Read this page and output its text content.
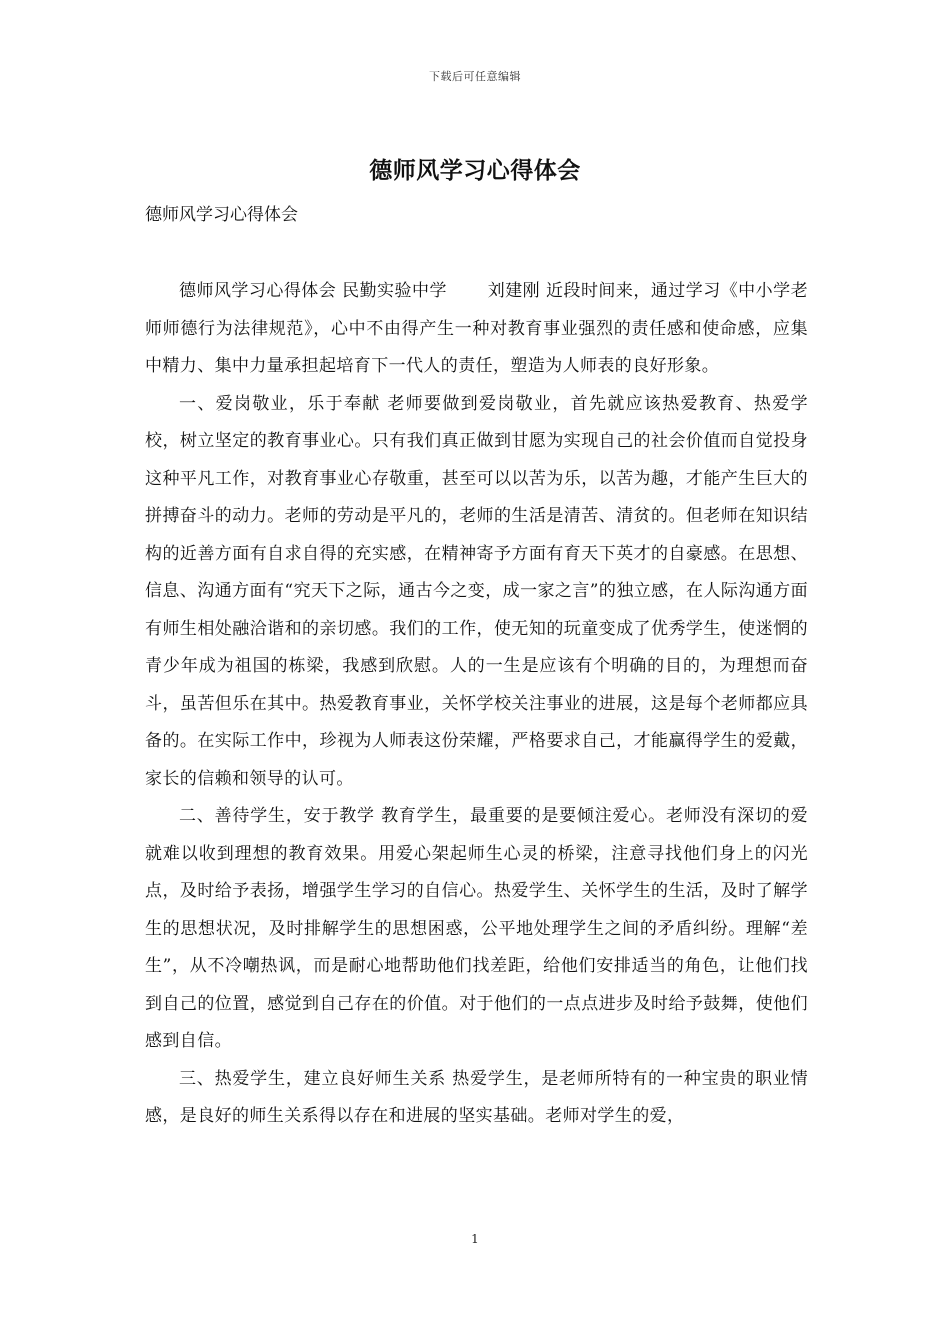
下载后可任意编辑
德师风学习心得体会

德师风学习心得体会

德师风学习心得体会 民勤实验中学 　　刘建刚 近段时间来，通过学习《中小学老师师德行为法律规范》，心中不由得产生一种对教育事业强烈的责任感和使命感，应集中精力、集中力量承担起培育下一代人的责任，塑造为人师表的良好形象。

一、爱岗敬业，乐于奉献 老师要做到爱岗敬业，首先就应该热爱教育、热爱学校，树立坚定的教育事业心。只有我们真正做到甘愿为实现自己的社会价值而自觉投身这种平凡工作，对教育事业心存敬重，甚至可以以苦为乐，以苦为趣，才能产生巨大的拼搏奋斗的动力。老师的劳动是平凡的，老师的生活是清苦、清贫的。但老师在知识结构的近善方面有自求自得的充实感，在精神寄予方面有育天下英才的自豪感。在思想、信息、沟通方面有“究天下之际，通古今之变，成一家之言”的独立感，在人际沟通方面有师生相处融洽谐和的亲切感。我们的工作，使无知的玩童变成了优秀学生，使迷惘的青少年成为祖国的栋梁，我感到欣慰。人的一生是应该有个明确的目的，为理想而奋斗，虽苦但乐在其中。热爱教育事业，关怀学校关注事业的进展，这是每个老师都应具备的。在实际工作中，珍视为人师表这份荣耀，严格要求自己，才能赢得学生的爱戴，家长的信赖和领导的认可。

二、善待学生，安于教学 教育学生，最重要的是要倾注爱心。老师没有深切的爱就难以收到理想的教育效果。用爱心架起师生心灵的桥梁，注意寻找他们身上的闪光点，及时给予表扬，增强学生学习的自信心。热爱学生、关怀学生的生活，及时了解学生的思想状况，及时排解学生的思想困惑，公平地处理学生之间的矛盾纠纷。理解“差生”，从不冷嘲热讽，而是耐心地帮助他们找差距，给他们安排适当的角色，让他们找到自己的位置，感觉到自己存在的价值。对于他们的一点点进步及时给予鼓舞，使他们感到自信。

三、热爱学生，建立良好师生关系 热爱学生，是老师所特有的一种宝贵的职业情感，是良好的师生关系得以存在和进展的坚实基础。老师对学生的爱，

1
